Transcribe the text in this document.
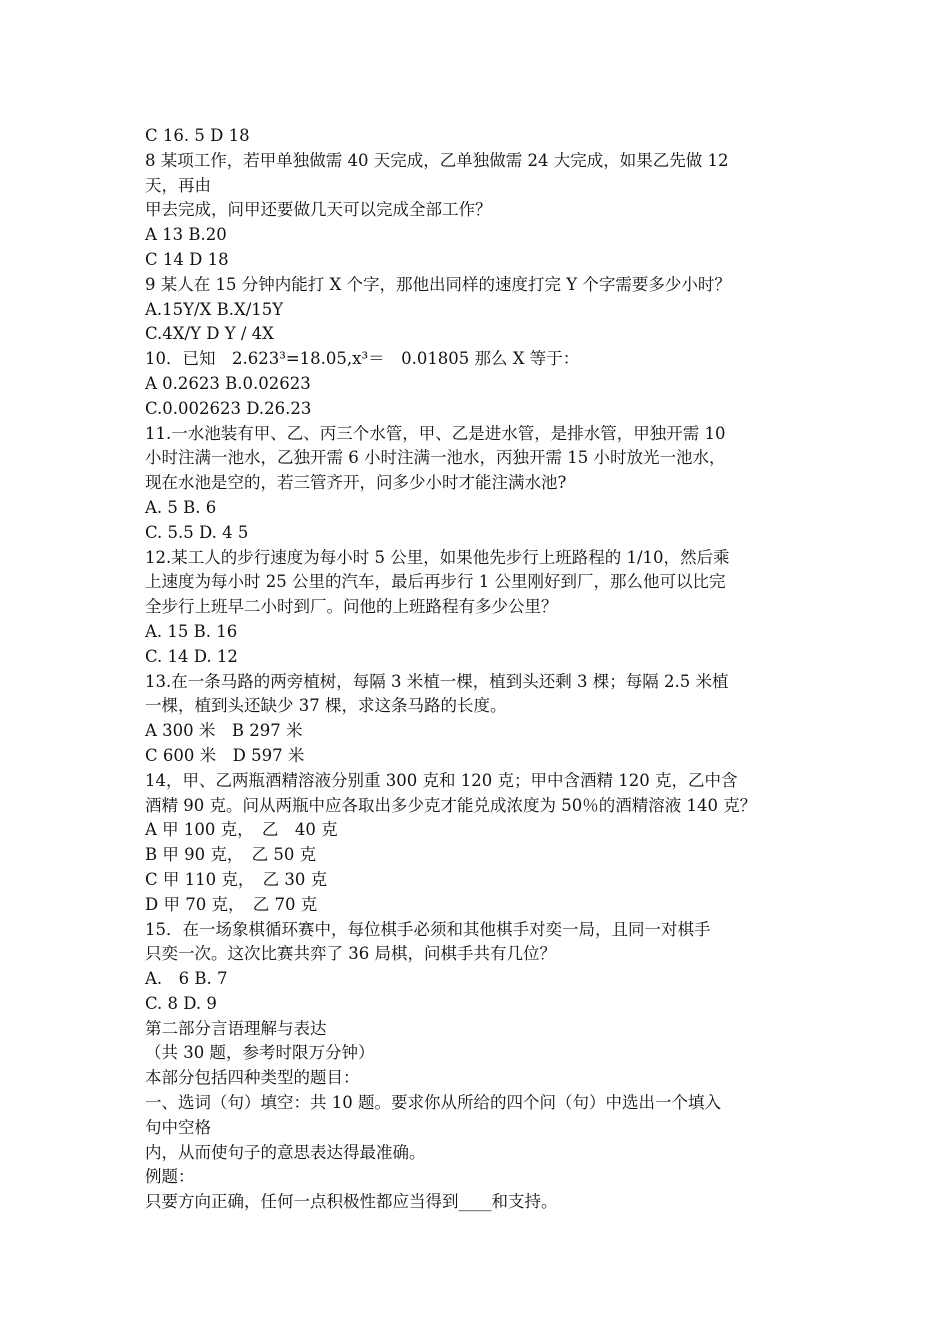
C 16. 5 D 18
8 某项工作，若甲单独做需 40 天完成，乙单独做需 24 大完成，如果乙先做 12
天，再由
甲去完成，问甲还要做几天可以完成全部工作？
A 13 B.20
C 14 D 18
9 某人在 15 分钟内能打 X 个字，那他出同样的速度打完 Y 个字需要多少小时？
A.15Y/X B.X/15Y
C.4X/Y D Y / 4X
10．已知　2.623³=18.05,x³＝　0.01805 那么 X 等于：
A 0.2623 B.0.02623
C.0.002623 D.26.23
11.一水池装有甲、乙、丙三个水管，甲、乙是进水管，是排水管，甲独开需 10
小时注满一池水，乙独开需 6 小时注满一池水，丙独开需 15 小时放光一池水，
现在水池是空的，若三管齐开，问多少小时才能注满水池?
A. 5 B. 6
C. 5.5 D. 4 5
12.某工人的步行速度为每小时 5 公里，如果他先步行上班路程的 1/10，然后乘
上速度为每小时 25 公里的汽车，最后再步行 1 公里刚好到厂，那么他可以比完
全步行上班早二小时到厂。问他的上班路程有多少公里？
A. 15 B. 16
C. 14 D. 12
13.在一条马路的两旁植树，每隔 3 米植一棵，植到头还剩 3 棵；每隔 2.5 米植
一棵，植到头还缺少 37 棵，求这条马路的长度。
A 300 米　B 297 米
C 600 米　D 597 米
14，甲、乙两瓶酒精溶液分别重 300 克和 120 克；甲中含酒精 120 克，乙中含
酒精 90 克。问从两瓶中应各取出多少克才能兑成浓度为 50％的酒精溶液 140 克？
A 甲 100 克，　乙　40 克
B 甲 90 克，　乙 50 克
C 甲 110 克，　乙 30 克
D 甲 70 克，　乙 70 克
15．在一场象棋循环赛中，每位棋手必须和其他棋手对奕一局，且同一对棋手
只奕一次。这次比赛共弈了 36 局棋，问棋手共有几位？
A.　6 B. 7
C. 8 D. 9
第二部分言语理解与表达
（共 30 题，参考时限万分钟）
本部分包括四种类型的题目：
一、选词（句）填空：共 10 题。要求你从所给的四个问（句）中选出一个填入
句中空格
内，从而使句子的意思表达得最准确。
例题：
只要方向正确，任何一点积极性都应当得到____和支持。
